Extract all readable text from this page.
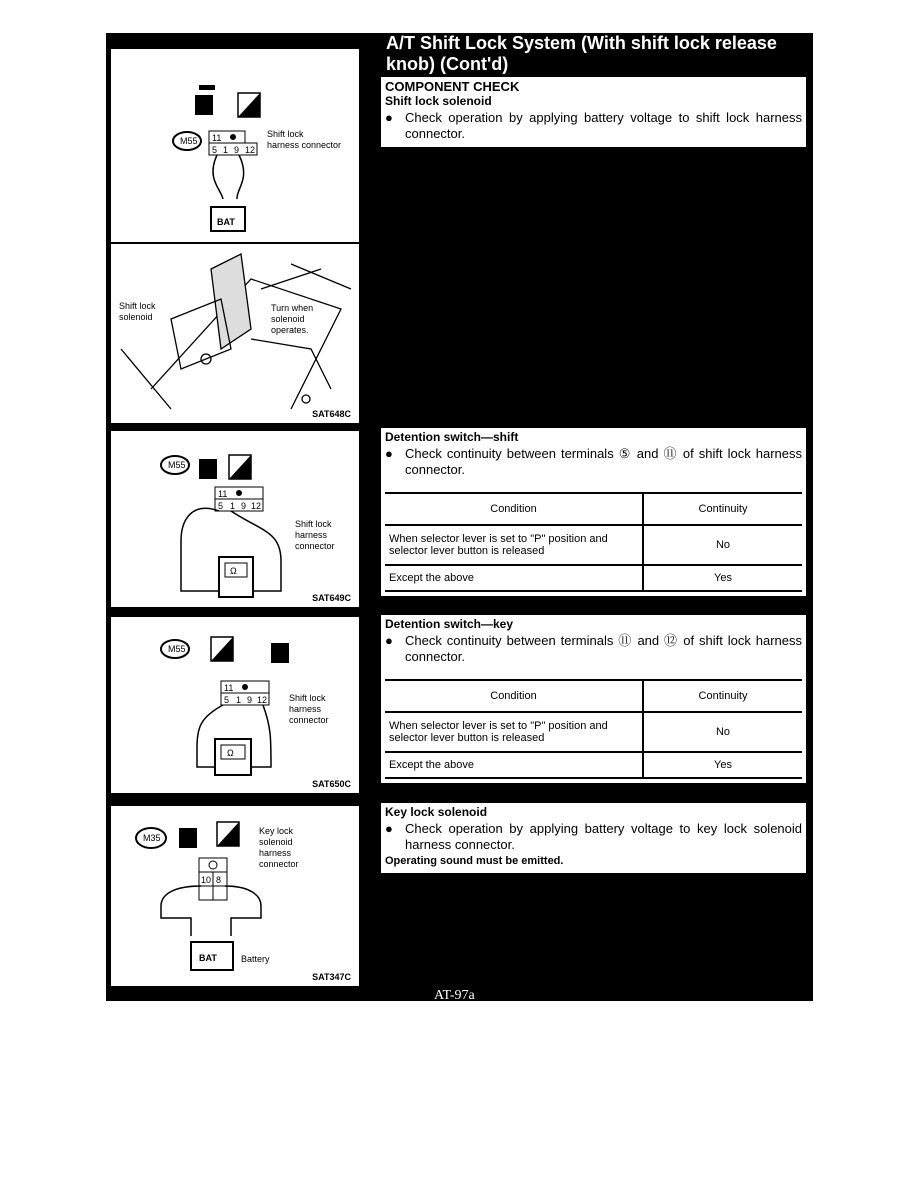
A/T Shift Lock System (With shift lock release knob) (Cont'd)
M55 11
5 1 9 12
Shift lock
harness connector
BAT
Shift lock
solenoid
Turn when
solenoid
operates.
SAT648C
M55
11
5 1 9 12
Ω
Shift lock
harness
connector
SAT649C
M55
11
5 1 9 12
Ω
Shift lock
harness
connector
SAT650C
M35
10 8
BAT
Key lock
solenoid
harness
connector
Battery
SAT347C

COMPONENT CHECK

Shift lock solenoid

● Check operation by applying battery voltage to shift lock harness connector.

Detention switch—shift

● Check continuity between terminals ⑤ and ⑪ of shift lock harness connector.

Condition	Continuity
When selector lever is set to "P" position and selector lever button is released	No
Except the above	Yes

Detention switch—key

● Check continuity between terminals ⑪ and ⑫ of shift lock harness connector.

Condition	Continuity
When selector lever is set to "P" position and selector lever button is released	No
Except the above	Yes

Key lock solenoid

● Check operation by applying battery voltage to key lock solenoid harness connector.

Operating sound must be emitted.

AT-97a
